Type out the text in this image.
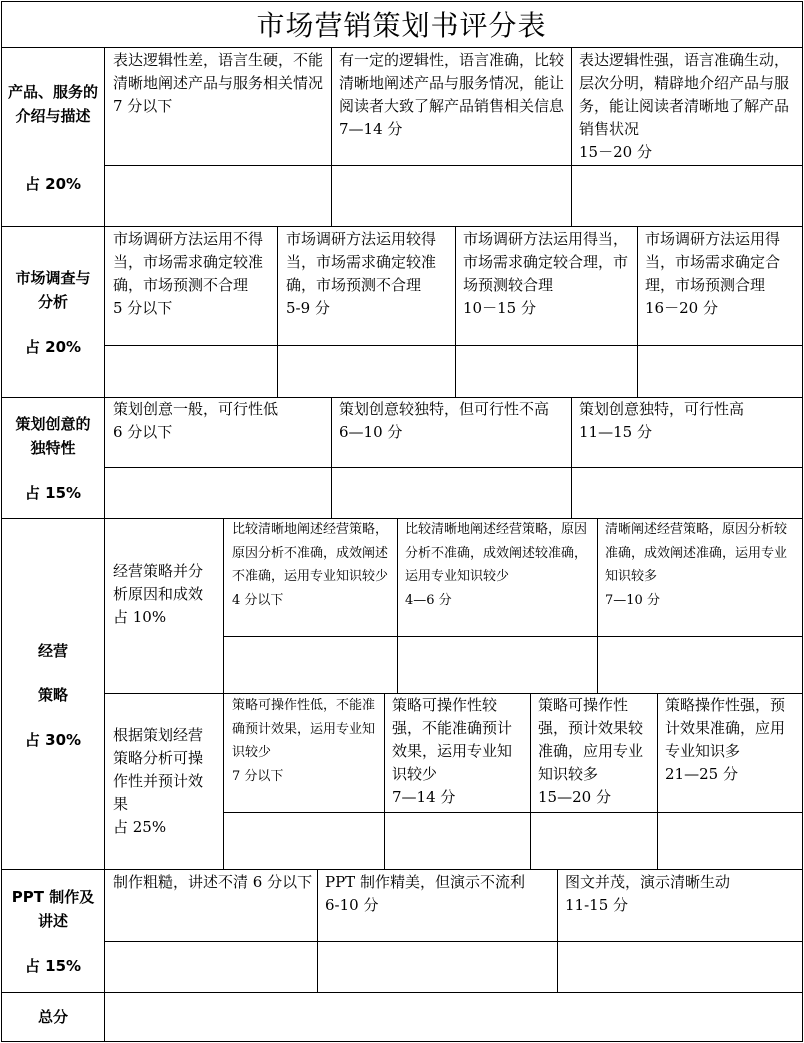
市场营销策划书评分表
产品、服务的介绍与描述
占 20%
表达逻辑性差，语言生硬，不能清晰地阐述产品与服务相关情况
7 分以下
有一定的逻辑性，语言准确，比较清晰地阐述产品与服务情况，能让阅读者大致了解产品销售相关信息
7—14 分
表达逻辑性强，语言准确生动，层次分明，精辟地介绍产品与服务，能让阅读者清晰地了解产品销售状况
15－20 分
市场调查与分析
占 20%
市场调研方法运用不得当，市场需求确定较准确，市场预测不合理
5 分以下
市场调研方法运用较得当，市场需求确定较准确，市场预测不合理
5-9 分
市场调研方法运用得当，市场需求确定较合理，市场预测较合理
10－15 分
市场调研方法运用得当，市场需求确定合理，市场预测合理
16－20 分
策划创意的独特性
占 15%
策划创意一般，可行性低
6 分以下
策划创意较独特，但可行性不高
6—10 分
策划创意独特，可行性高
11—15 分
经营
策略
占 30%
经营策略并分析原因和成效
占 10%
比较清晰地阐述经营策略，原因分析不准确，成效阐述不准确，运用专业知识较少
4 分以下
比较清晰地阐述经营策略，原因分析不准确，成效阐述较准确，运用专业知识较少
4—6 分
清晰阐述经营策略，原因分析较准确，成效阐述准确，运用专业知识较多
7—10 分
根据策划经营策略分析可操作性并预计效果
占 25%
策略可操作性低，不能准确预计效果，运用专业知识较少
7 分以下
策略可操作性较强，不能准确预计效果，运用专业知识较少
7—14 分
策略可操作性强，预计效果较准确，应用专业知识较多
15—20 分
策略操作性强，预计效果准确，应用专业知识多
21—25 分
PPT 制作及讲述
占 15%
制作粗糙，讲述不清 6 分以下 PPT 制作精美，但演示不流利
6-10 分
图文并茂，演示清晰生动
11-15 分
总分
